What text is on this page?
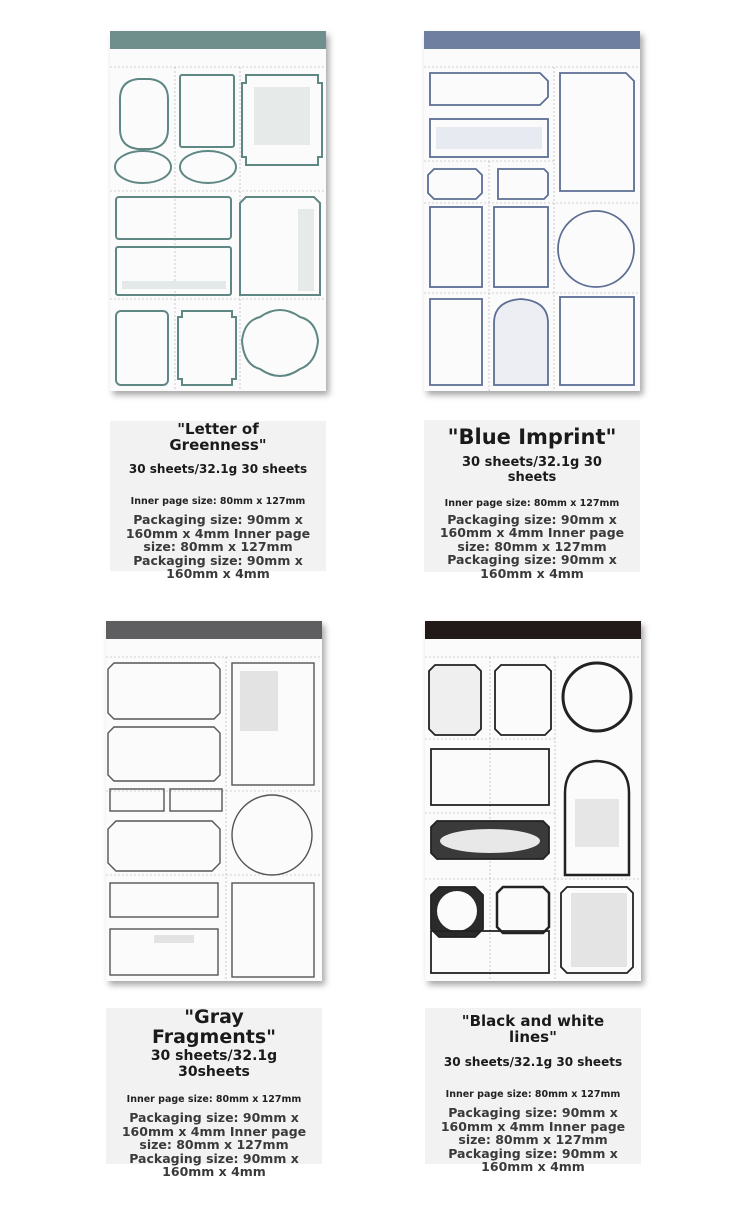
"Letter of Greenness"
30 sheets/32.1g 30 sheets
Inner page size: 80mm x 127mm
Packaging size: 90mm x 160mm x 4mm Inner page size: 80mm x 127mm Packaging size: 90mm x 160mm x 4mm
"Blue Imprint"
30 sheets/32.1g 30 sheets
Inner page size: 80mm x 127mm
Packaging size: 90mm x 160mm x 4mm Inner page size: 80mm x 127mm Packaging size: 90mm x 160mm x 4mm
"Gray Fragments"
30 sheets/32.1g 30sheets
Inner page size: 80mm x 127mm
Packaging size: 90mm x 160mm x 4mm Inner page size: 80mm x 127mm Packaging size: 90mm x 160mm x 4mm
"Black and white lines"
30 sheets/32.1g 30 sheets
Inner page size: 80mm x 127mm
Packaging size: 90mm x 160mm x 4mm Inner page size: 80mm x 127mm Packaging size: 90mm x 160mm x 4mm
